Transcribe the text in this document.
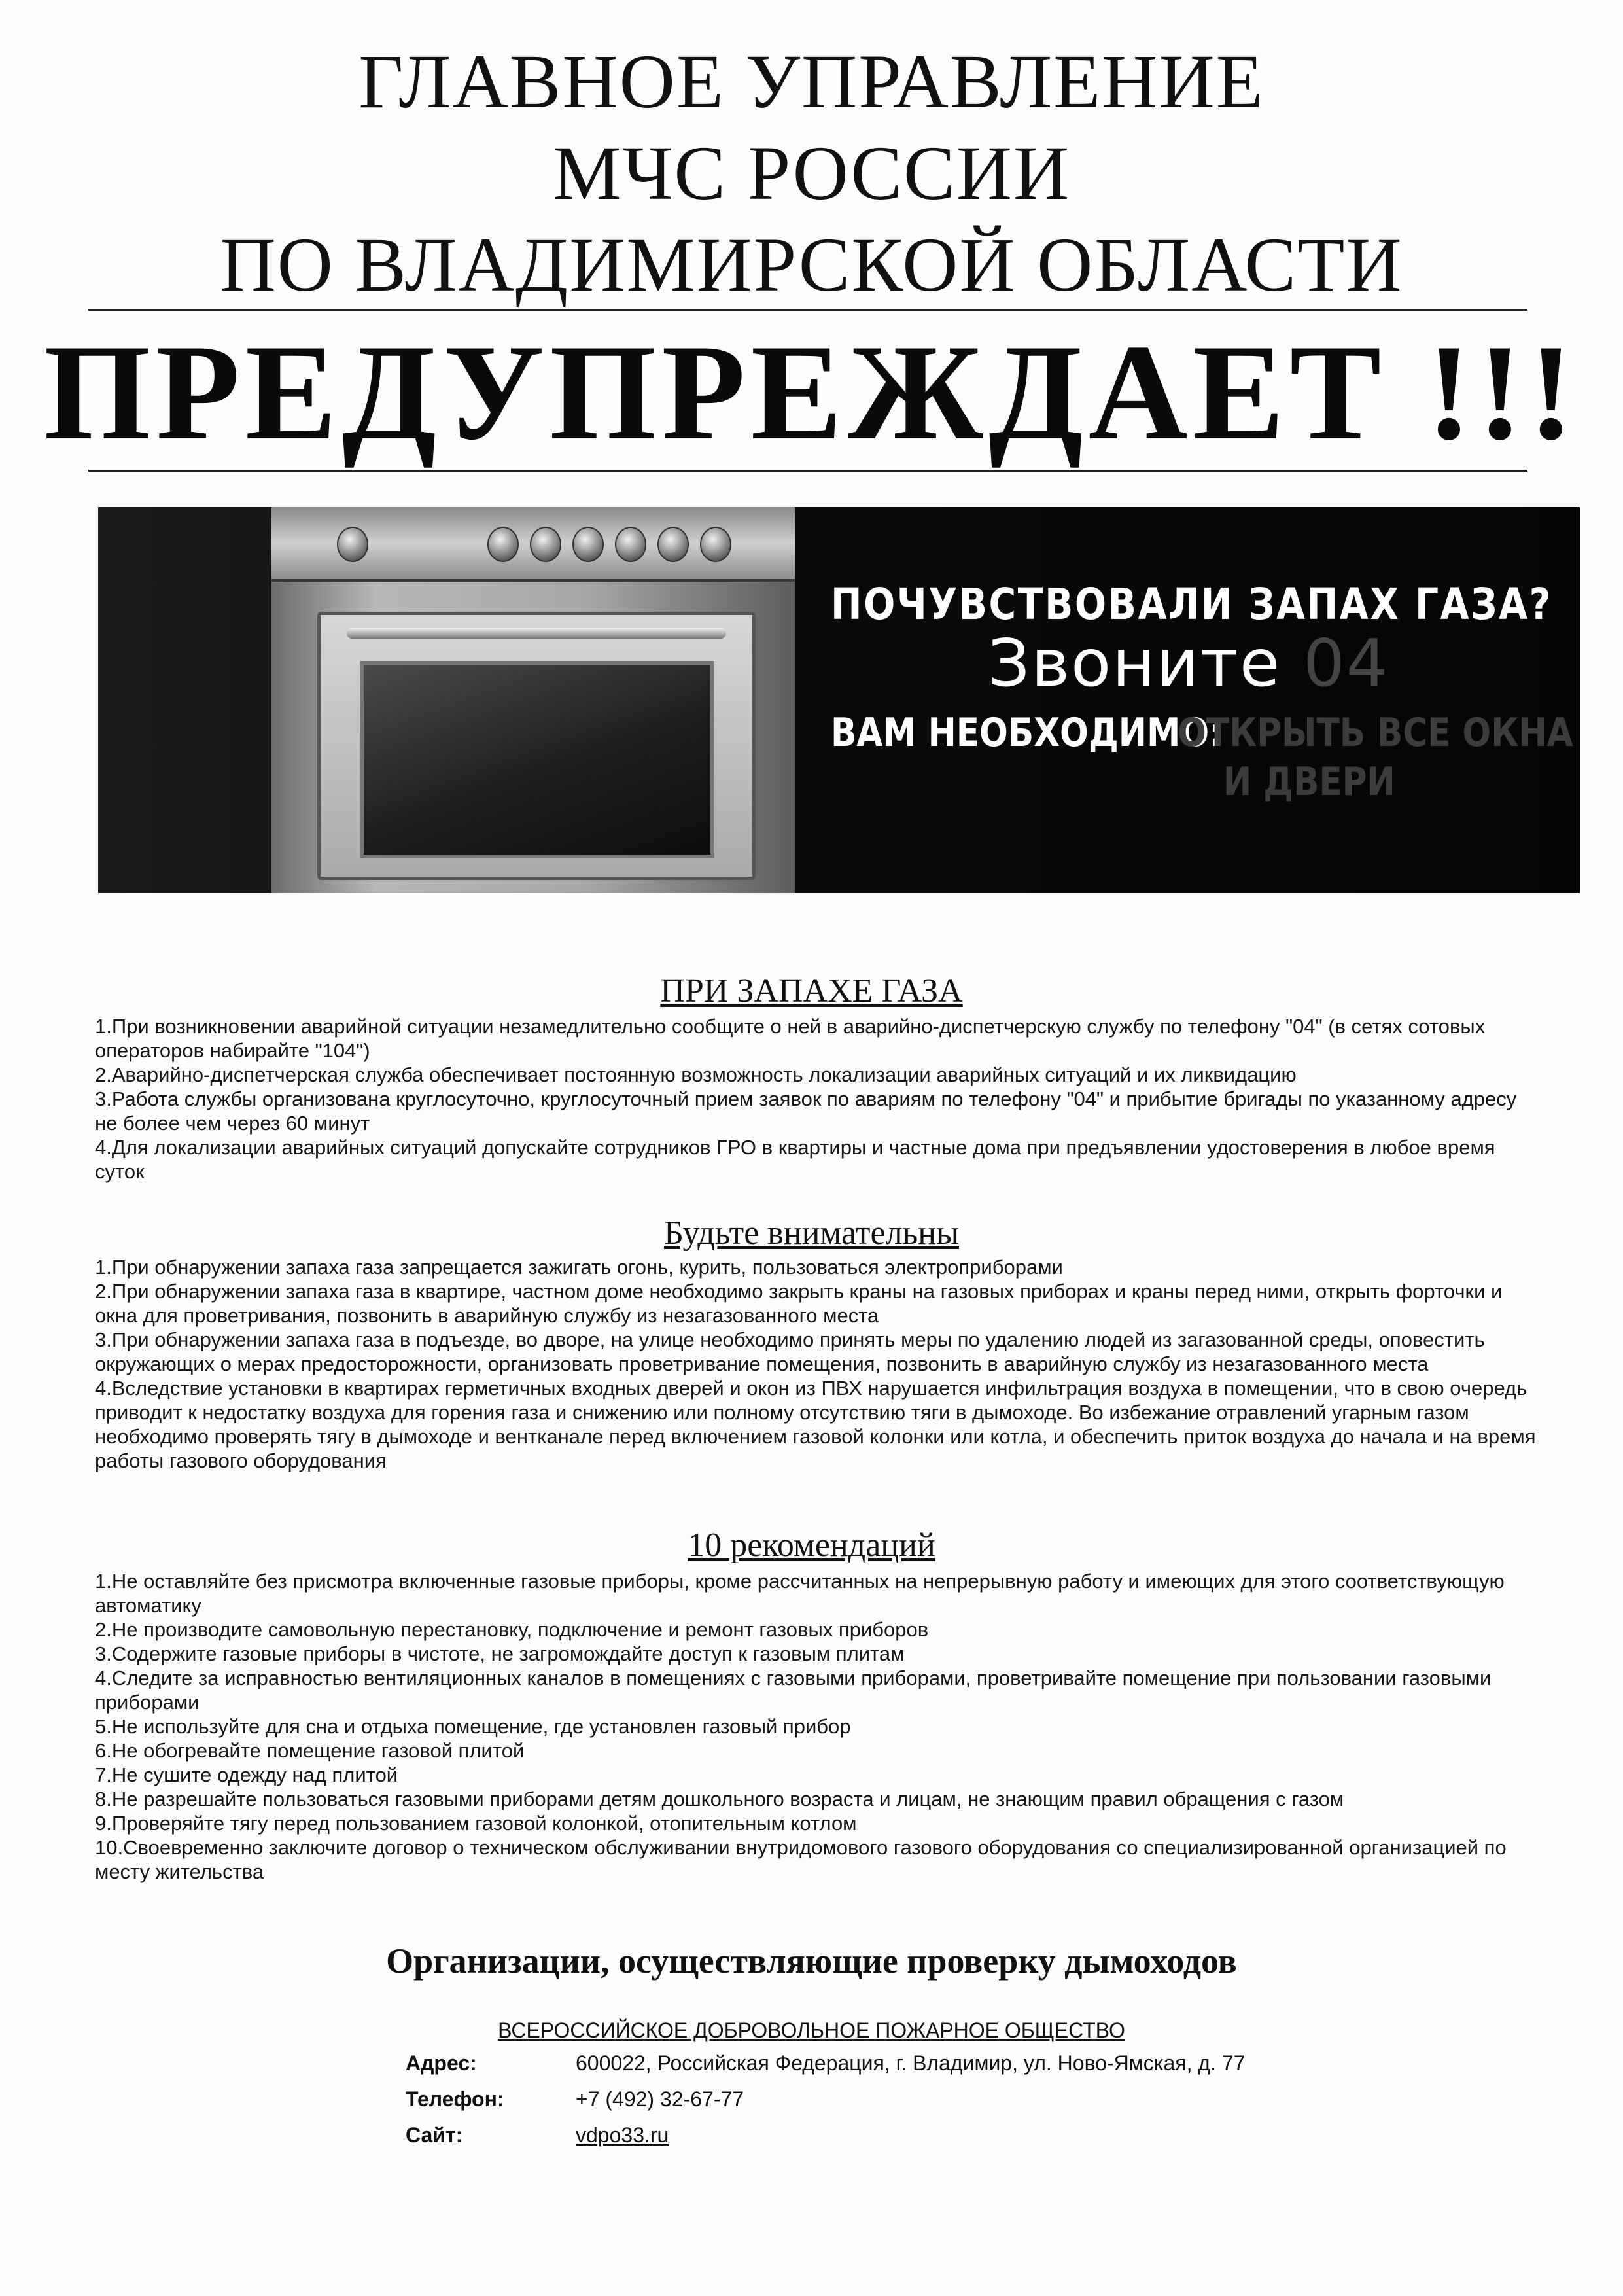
ГЛАВНОЕ УПРАВЛЕНИЕ
МЧС РОССИИ
ПО ВЛАДИМИРСКОЙ ОБЛАСТИ
ПРЕДУПРЕЖДАЕТ !!!
ПОЧУВСТВОВАЛИ ЗАПАХ ГАЗА?
Звоните 04
ВАМ НЕОБХОДИМО:
ОТКРЫТЬ ВСЕ ОКНА
И ДВЕРИ
ПРИ ЗАПАХЕ ГАЗА
1.При возникновении аварийной ситуации незамедлительно сообщите о ней в аварийно-диспетчерскую службу по телефону "04" (в сетях сотовых операторов набирайте "104")
2.Аварийно-диспетчерская служба обеспечивает постоянную возможность локализации аварийных ситуаций и их ликвидацию
3.Работа службы организована круглосуточно, круглосуточный прием заявок по авариям по телефону "04" и прибытие бригады по указанному адресу не более чем через 60 минут
4.Для локализации аварийных ситуаций допускайте сотрудников ГРО в квартиры и частные дома при предъявлении удостоверения в любое время суток
Будьте внимательны
1.При обнаружении запаха газа запрещается зажигать огонь, курить, пользоваться электроприборами
2.При обнаружении запаха газа в квартире, частном доме необходимо закрыть краны на газовых приборах и краны перед ними, открыть форточки и окна для проветривания, позвонить в аварийную службу из незагазованного места
3.При обнаружении запаха газа в подъезде, во дворе, на улице необходимо принять меры по удалению людей из загазованной среды, оповестить окружающих о мерах предосторожности, организовать проветривание помещения, позвонить в аварийную службу из незагазованного места
4.Вследствие установки в квартирах герметичных входных дверей и окон из ПВХ нарушается инфильтрация воздуха в помещении, что в свою очередь приводит к недостатку воздуха для горения газа и снижению или полному отсутствию тяги в дымоходе. Во избежание отравлений угарным газом необходимо проверять тягу в дымоходе и вентканале перед включением газовой колонки или котла, и обеспечить приток воздуха до начала и на время работы газового оборудования
10 рекомендаций
1.Не оставляйте без присмотра включенные газовые приборы, кроме рассчитанных на непрерывную работу и имеющих для этого соответствующую автоматику
2.Не производите самовольную перестановку, подключение и ремонт газовых приборов
3.Содержите газовые приборы в чистоте, не загромождайте доступ к газовым плитам
4.Следите за исправностью вентиляционных каналов в помещениях с газовыми приборами, проветривайте помещение при пользовании газовыми приборами
5.Не используйте для сна и отдыха помещение, где установлен газовый прибор
6.Не обогревайте помещение газовой плитой
7.Не сушите одежду над плитой
8.Не разрешайте пользоваться газовыми приборами детям дошкольного возраста и лицам, не знающим правил обращения с газом
9.Проверяйте тягу перед пользованием газовой колонкой, отопительным котлом
10.Своевременно заключите договор о техническом обслуживании внутридомового газового оборудования со специализированной организацией по месту жительства
Организации, осуществляющие проверку дымоходов
ВСЕРОССИЙСКОЕ ДОБРОВОЛЬНОЕ ПОЖАРНОЕ ОБЩЕСТВО
Адрес:	600022, Российская Федерация, г. Владимир, ул. Ново-Ямская, д. 77
Телефон:	+7 (492) 32-67-77
Сайт:	vdpo33.ru
